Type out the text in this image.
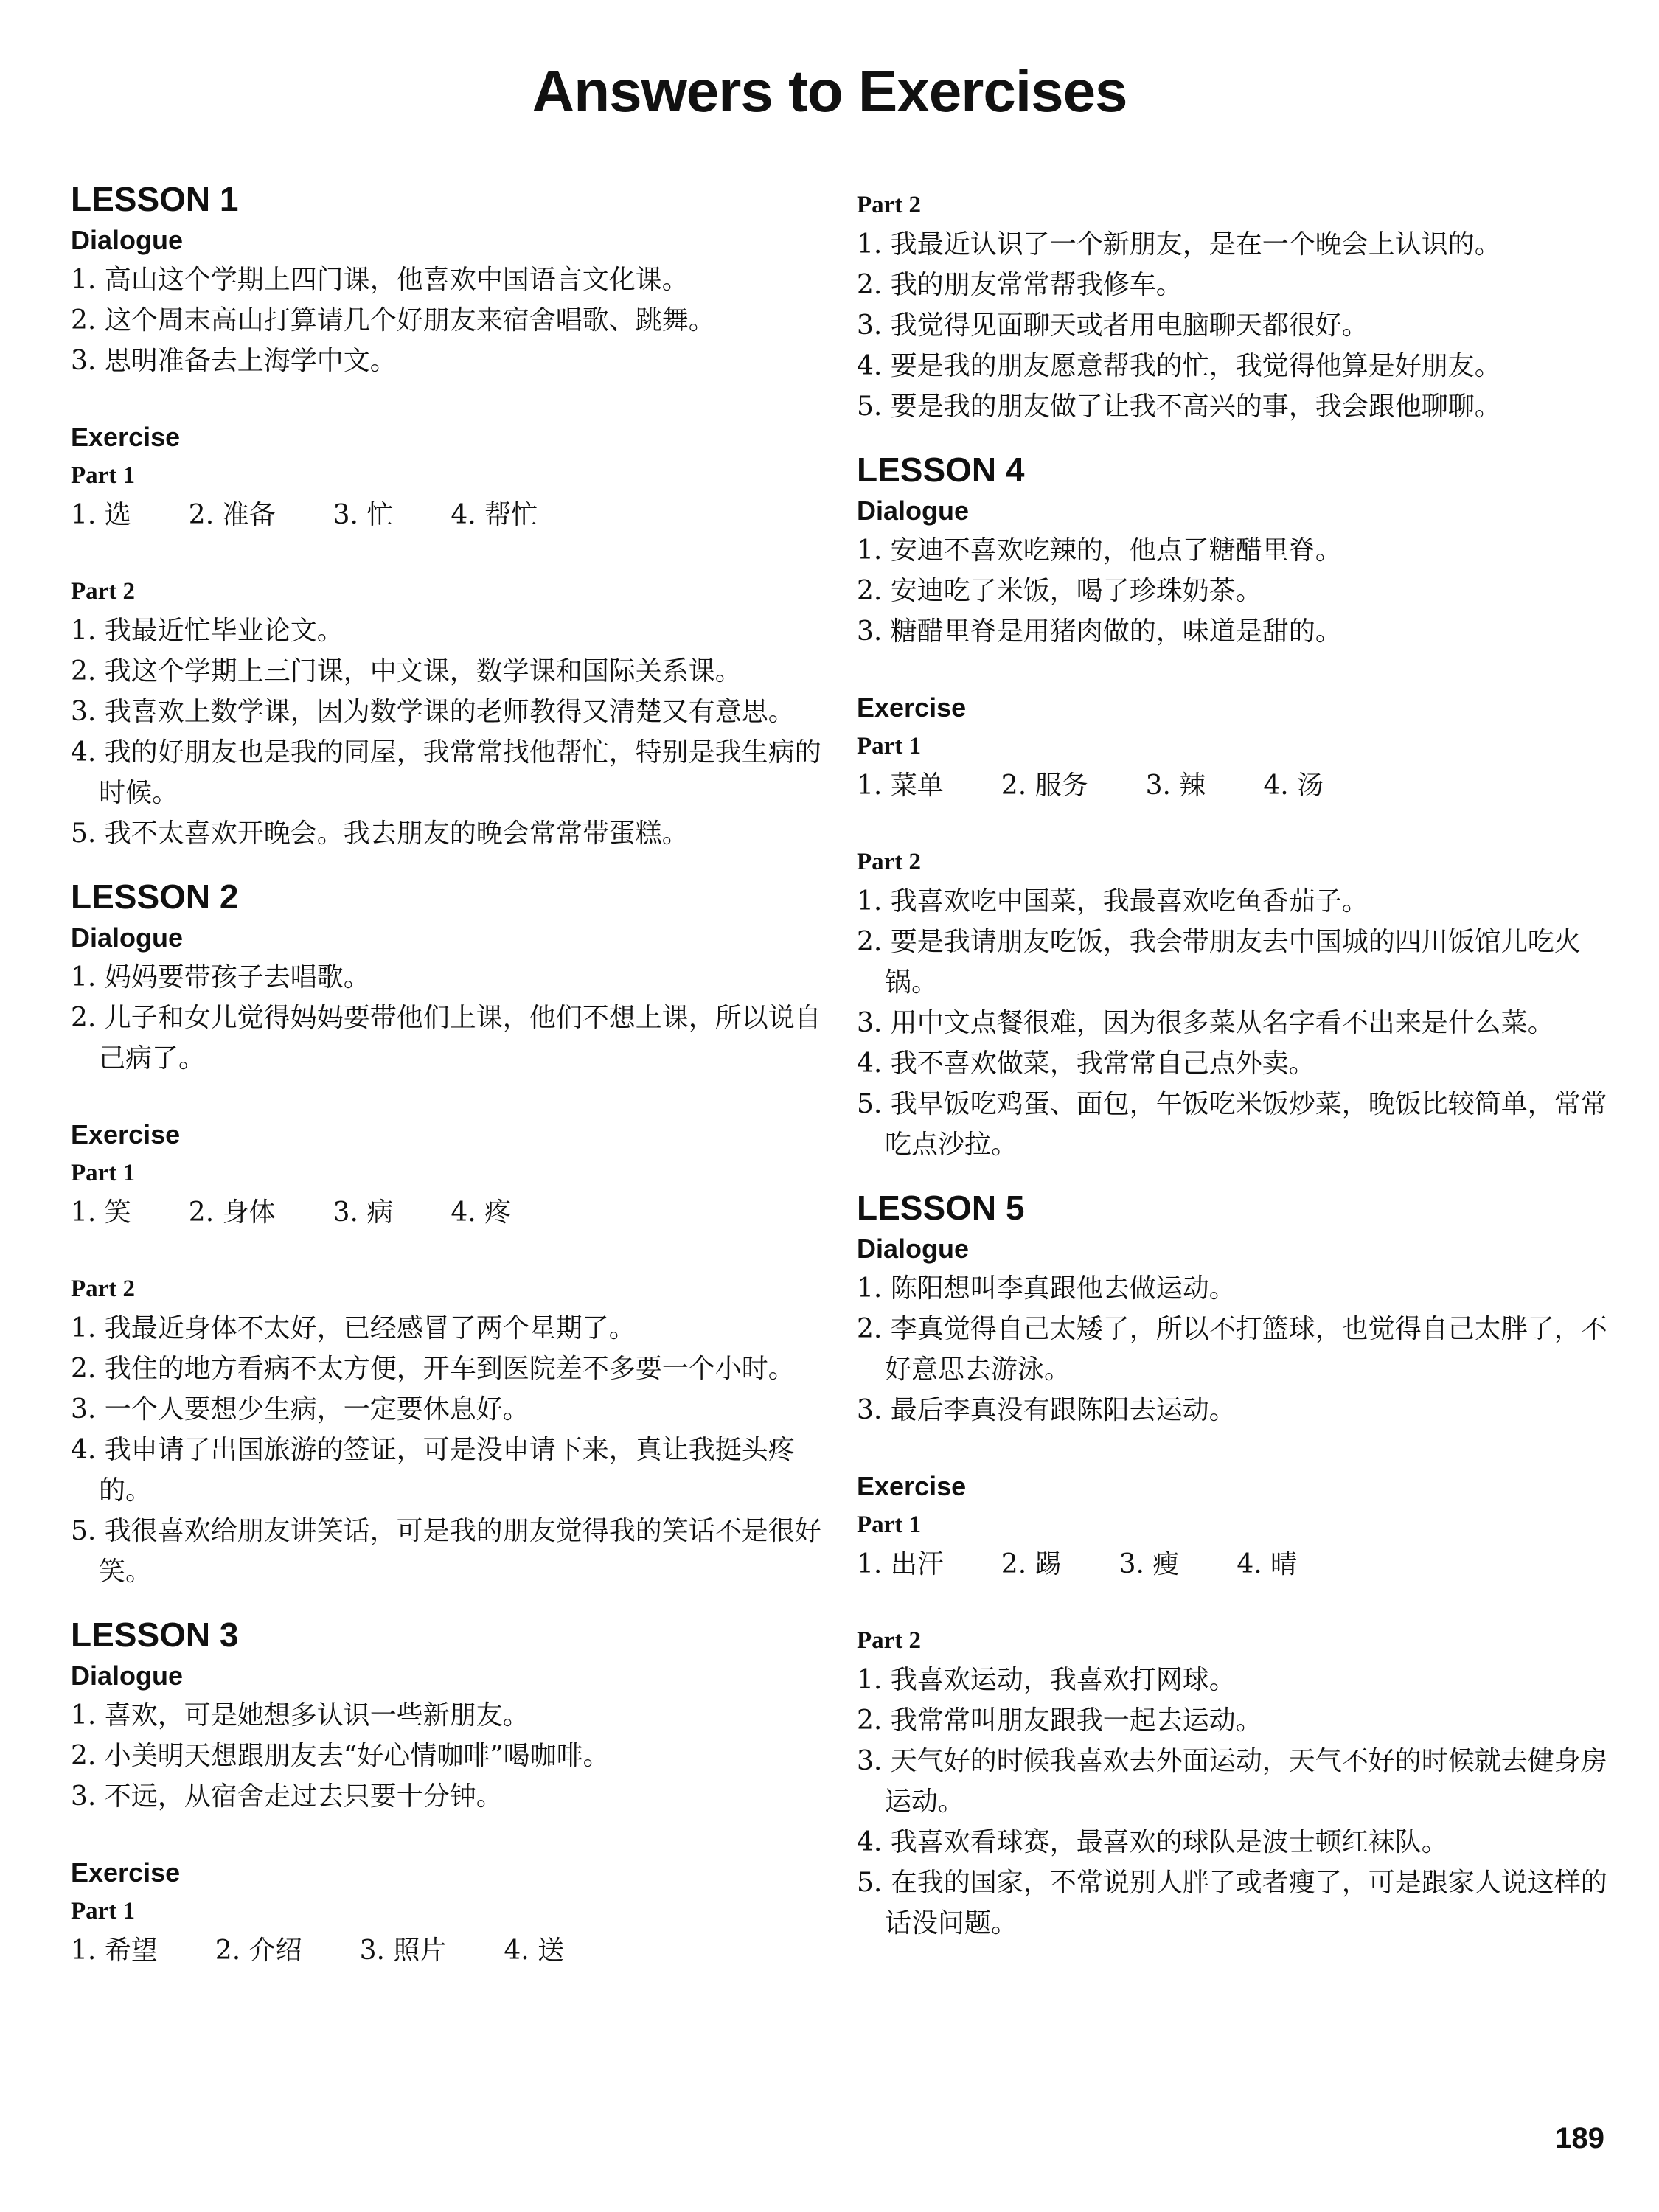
Answers to Exercises
LESSON 1
Dialogue
1. 高山这个学期上四门课，他喜欢中国语言文化课。
2. 这个周末高山打算请几个好朋友来宿舍唱歌、跳舞。
3. 思明准备去上海学中文。
Exercise
Part 1
1. 选 2. 准备 3. 忙 4. 帮忙
Part 2
1. 我最近忙毕业论文。
2. 我这个学期上三门课，中文课，数学课和国际关系课。
3. 我喜欢上数学课，因为数学课的老师教得又清楚又有意思。
4. 我的好朋友也是我的同屋，我常常找他帮忙，特别是我生病的时候。
5. 我不太喜欢开晚会。我去朋友的晚会常常带蛋糕。
LESSON 2
Dialogue
1. 妈妈要带孩子去唱歌。
2. 儿子和女儿觉得妈妈要带他们上课，他们不想上课，所以说自己病了。
Exercise
Part 1
1. 笑 2. 身体 3. 病 4. 疼
Part 2
1. 我最近身体不太好，已经感冒了两个星期了。
2. 我住的地方看病不太方便，开车到医院差不多要一个小时。
3. 一个人要想少生病，一定要休息好。
4. 我申请了出国旅游的签证，可是没申请下来，真让我挺头疼的。
5. 我很喜欢给朋友讲笑话，可是我的朋友觉得我的笑话不是很好笑。
LESSON 3
Dialogue
1. 喜欢，可是她想多认识一些新朋友。
2. 小美明天想跟朋友去“好心情咖啡”喝咖啡。
3. 不远，从宿舍走过去只要十分钟。
Exercise
Part 1
1. 希望 2. 介绍 3. 照片 4. 送
Part 2
1. 我最近认识了一个新朋友，是在一个晚会上认识的。
2. 我的朋友常常帮我修车。
3. 我觉得见面聊天或者用电脑聊天都很好。
4. 要是我的朋友愿意帮我的忙，我觉得他算是好朋友。
5. 要是我的朋友做了让我不高兴的事，我会跟他聊聊。
LESSON 4
Dialogue
1. 安迪不喜欢吃辣的，他点了糖醋里脊。
2. 安迪吃了米饭，喝了珍珠奶茶。
3. 糖醋里脊是用猪肉做的，味道是甜的。
Exercise
Part 1
1. 菜单 2. 服务 3. 辣 4. 汤
Part 2
1. 我喜欢吃中国菜，我最喜欢吃鱼香茄子。
2. 要是我请朋友吃饭，我会带朋友去中国城的四川饭馆儿吃火锅。
3. 用中文点餐很难，因为很多菜从名字看不出来是什么菜。
4. 我不喜欢做菜，我常常自己点外卖。
5. 我早饭吃鸡蛋、面包，午饭吃米饭炒菜，晚饭比较简单，常常吃点沙拉。
LESSON 5
Dialogue
1. 陈阳想叫李真跟他去做运动。
2. 李真觉得自己太矮了，所以不打篮球，也觉得自己太胖了，不好意思去游泳。
3. 最后李真没有跟陈阳去运动。
Exercise
Part 1
1. 出汗 2. 踢 3. 瘦 4. 晴
Part 2
1. 我喜欢运动，我喜欢打网球。
2. 我常常叫朋友跟我一起去运动。
3. 天气好的时候我喜欢去外面运动，天气不好的时候就去健身房运动。
4. 我喜欢看球赛，最喜欢的球队是波士顿红袜队。
5. 在我的国家，不常说别人胖了或者瘦了，可是跟家人说这样的话没问题。
189
